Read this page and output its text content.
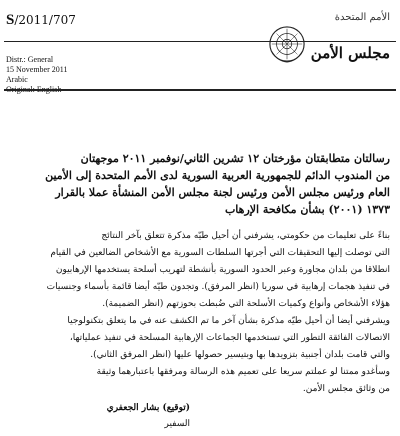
S/2011/707	الأمم المتحدة
مجلس الأمن
Distr.: General
15 November 2011
Arabic
رسالتان متطابقتان مؤرختان ١٢ تشرين الثاني/نوفمبر ٢٠١١ موجهتان
من المندوب الدائم للجمهورية العربية السورية لدى الأمم المتحدة إلى الأمين
العام ورئيس مجلس الأمن ورئيس لجنة مجلس الأمن المنشأة عملا بالقرار
١٣٧٣ (٢٠٠١) بشأن مكافحة الإرهاب
بناءً على تعليمات من حكومتي، يشرفني أن أحيل طيّه مذكرة تتعلق بآخر النتائج
التي توصلت إليها التحقيقات التي أجرتها السلطات السورية مع الأشخاص الضالعين في القيام
انطلاقا من بلدان مجاورة وعبر الحدود السورية بأنشطة لتهريب أسلحة يستخدمها الإرهابيون
في تنفيذ هجمات إرهابية في سوريا (انظر المرفق). وتجدون طيّه أيضا قائمة بأسماء وجنسيات
هؤلاء الأشخاص وأنواع وكميات الأسلحة التي ضُبطت بحوزتهم (انظر الضميمة).
ويشرفني أيضا أن أحيل طيّه مذكرة بشأن آخر ما تم الكشف عنه في ما يتعلق بتكنولوجيا
الاتصالات الفائقة التطور التي تستخدمها الجماعات الإرهابية المسلحة في تنفيذ عملياتها،
والتي قامت بلدان أجنبية بتزويدها بها وبتيسير حصولها عليها (انظر المرفق الثاني).
وسأغدو ممتنا لو عملتم سريعا على تعميم هذه الرسالة ومرفقها باعتبارهما وثيقة
من وثائق مجلس الأمن.
(توقيع) بشار الجعفري
السفير
